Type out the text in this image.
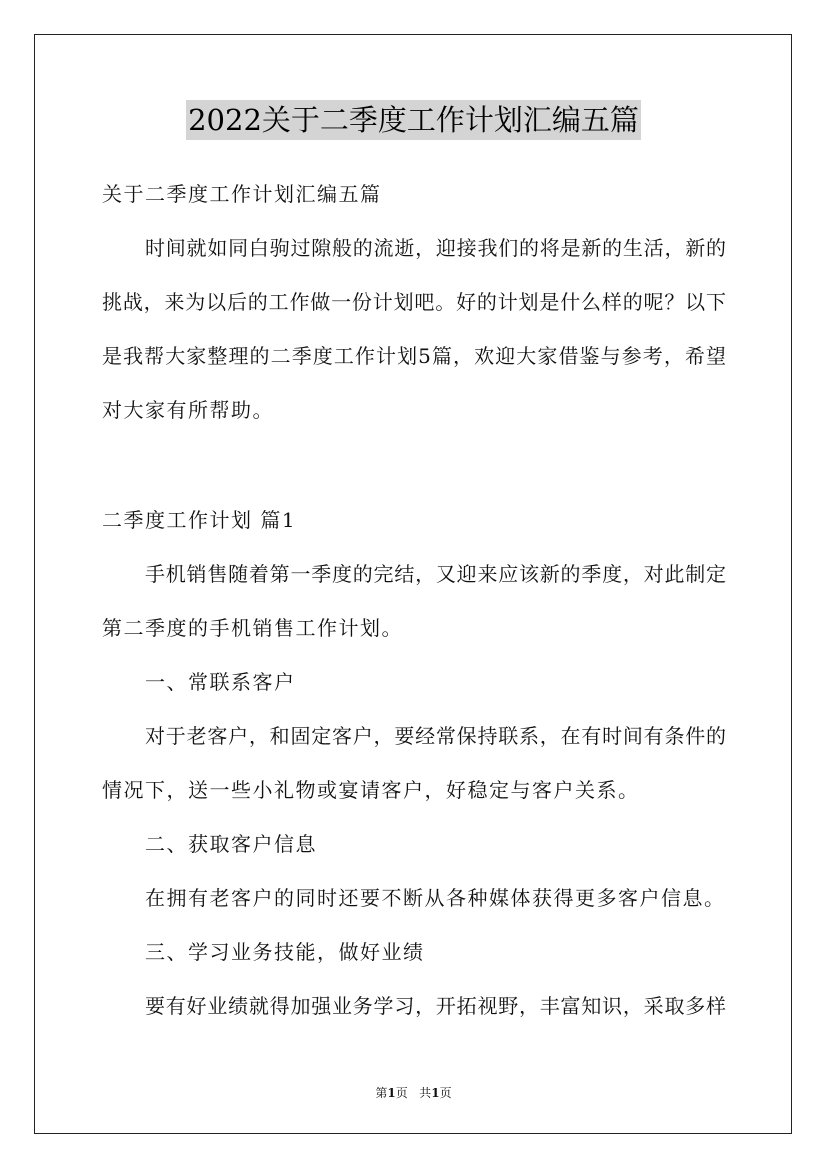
2022关于二季度工作计划汇编五篇
关于二季度工作计划汇编五篇
时间就如同白驹过隙般的流逝，迎接我们的将是新的生活，新的
挑战，来为以后的工作做一份计划吧。好的计划是什么样的呢？以下
是我帮大家整理的二季度工作计划5篇，欢迎大家借鉴与参考，希望
对大家有所帮助。
二季度工作计划 篇1
手机销售随着第一季度的完结，又迎来应该新的季度，对此制定
第二季度的手机销售工作计划。
一、常联系客户
对于老客户，和固定客户，要经常保持联系，在有时间有条件的
情况下，送一些小礼物或宴请客户，好稳定与客户关系。
二、获取客户信息
在拥有老客户的同时还要不断从各种媒体获得更多客户信息。
三、学习业务技能，做好业绩
要有好业绩就得加强业务学习，开拓视野，丰富知识，采取多样
第1页   共1页
